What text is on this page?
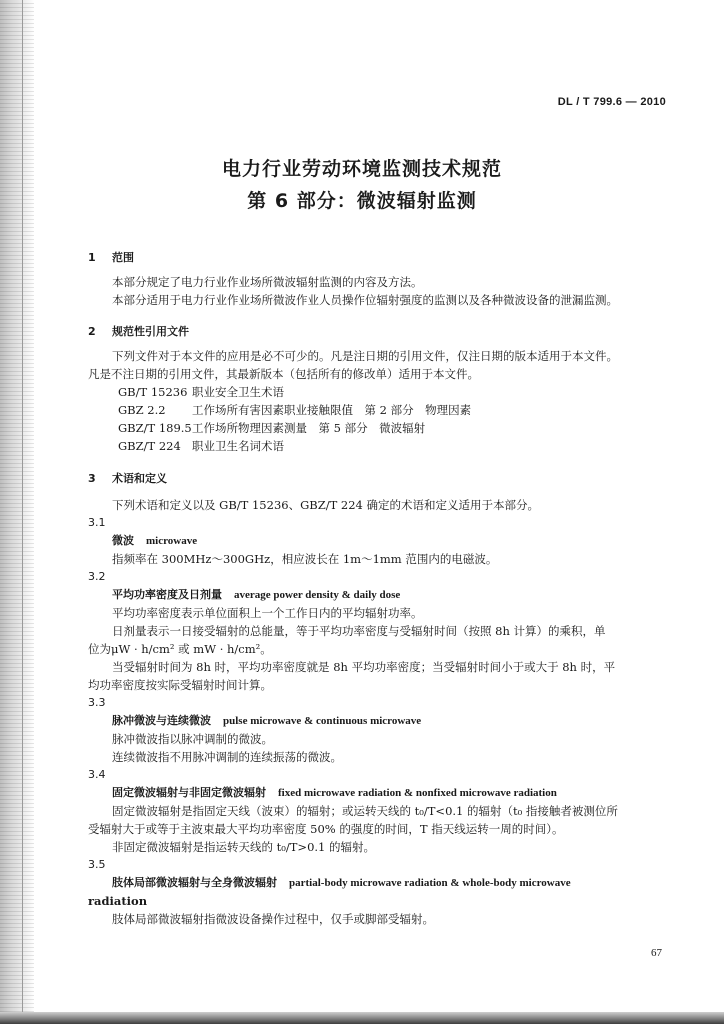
DL / T 799.6 — 2010
电力行业劳动环境监测技术规范
第 6 部分：微波辐射监测
1 范围

本部分规定了电力行业作业场所微波辐射监测的内容及方法。

本部分适用于电力行业作业场所微波作业人员操作位辐射强度的监测以及各种微波设备的泄漏监测。

2 规范性引用文件

下列文件对于本文件的应用是必不可少的。凡是注日期的引用文件，仅注日期的版本适用于本文件。

凡是不注日期的引用文件，其最新版本（包括所有的修改单）适用于本文件。

GB/T 15236 职业安全卫生术语

GBZ 2.2 工作场所有害因素职业接触限值　第 2 部分　物理因素

GBZ/T 189.5工作场所物理因素测量　第 5 部分　微波辐射

GBZ/T 224 职业卫生名词术语

3 术语和定义

下列术语和定义以及 GB/T 15236、GBZ/T 224 确定的术语和定义适用于本部分。

3.1

微波 microwave

指频率在 300MHz～300GHz，相应波长在 1m～1mm 范围内的电磁波。

3.2

平均功率密度及日剂量 average power density & daily dose

平均功率密度表示单位面积上一个工作日内的平均辐射功率。

日剂量表示一日接受辐射的总能量，等于平均功率密度与受辐射时间（按照 8h 计算）的乘积，单

位为μW · h/cm² 或 mW · h/cm²。

当受辐射时间为 8h 时，平均功率密度就是 8h 平均功率密度；当受辐射时间小于或大于 8h 时，平

均功率密度按实际受辐射时间计算。

3.3

脉冲微波与连续微波 pulse microwave & continuous microwave

脉冲微波指以脉冲调制的微波。

连续微波指不用脉冲调制的连续振荡的微波。

3.4

固定微波辐射与非固定微波辐射 fixed microwave radiation & nonfixed microwave radiation

固定微波辐射是指固定天线（波束）的辐射；或运转天线的 t₀/T<0.1 的辐射（t₀ 指接触者被测位所

受辐射大于或等于主波束最大平均功率密度 50% 的强度的时间，T 指天线运转一周的时间）。

非固定微波辐射是指运转天线的 t₀/T>0.1 的辐射。

3.5

肢体局部微波辐射与全身微波辐射 partial-body microwave radiation & whole-body microwave

radiation

肢体局部微波辐射指微波设备操作过程中，仅手或脚部受辐射。

67
